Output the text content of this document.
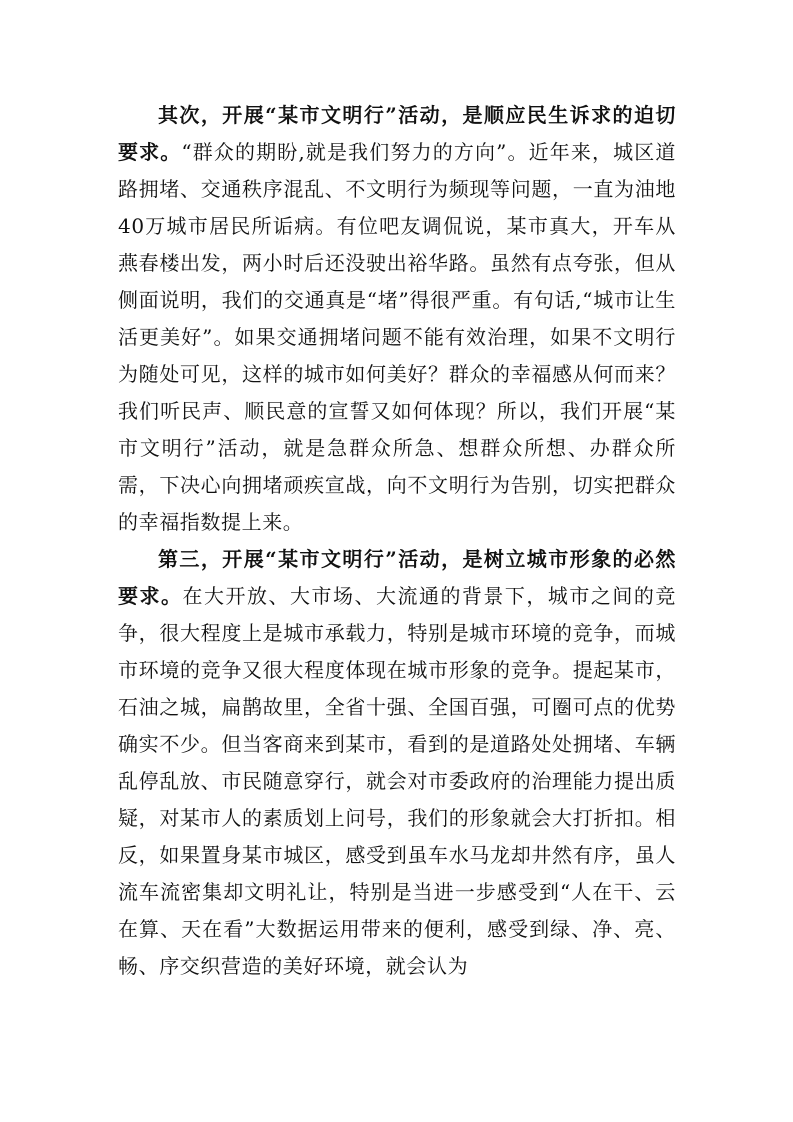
其次，开展“某市文明行”活动，是顺应民生诉求的迫切要求。“群众的期盼,就是我们努力的方向”。近年来，城区道路拥堵、交通秩序混乱、不文明行为频现等问题，一直为油地40万城市居民所诟病。有位吧友调侃说，某市真大，开车从燕春楼出发，两小时后还没驶出裕华路。虽然有点夸张，但从侧面说明，我们的交通真是“堵”得很严重。有句话,“城市让生活更美好”。如果交通拥堵问题不能有效治理，如果不文明行为随处可见，这样的城市如何美好？群众的幸福感从何而来？我们听民声、顺民意的宣誓又如何体现？所以，我们开展“某市文明行”活动，就是急群众所急、想群众所想、办群众所需，下决心向拥堵顽疾宣战，向不文明行为告别，切实把群众的幸福指数提上来。

第三，开展“某市文明行”活动，是树立城市形象的必然要求。在大开放、大市场、大流通的背景下，城市之间的竞争，很大程度上是城市承载力，特别是城市环境的竞争，而城市环境的竞争又很大程度体现在城市形象的竞争。提起某市，石油之城，扁鹊故里，全省十强、全国百强，可圈可点的优势确实不少。但当客商来到某市，看到的是道路处处拥堵、车辆乱停乱放、市民随意穿行，就会对市委政府的治理能力提出质疑，对某市人的素质划上问号，我们的形象就会大打折扣。相反，如果置身某市城区，感受到虽车水马龙却井然有序，虽人流车流密集却文明礼让，特别是当进一步感受到“人在干、云在算、天在看”大数据运用带来的便利，感受到绿、净、亮、畅、序交织营造的美好环境，就会认为
